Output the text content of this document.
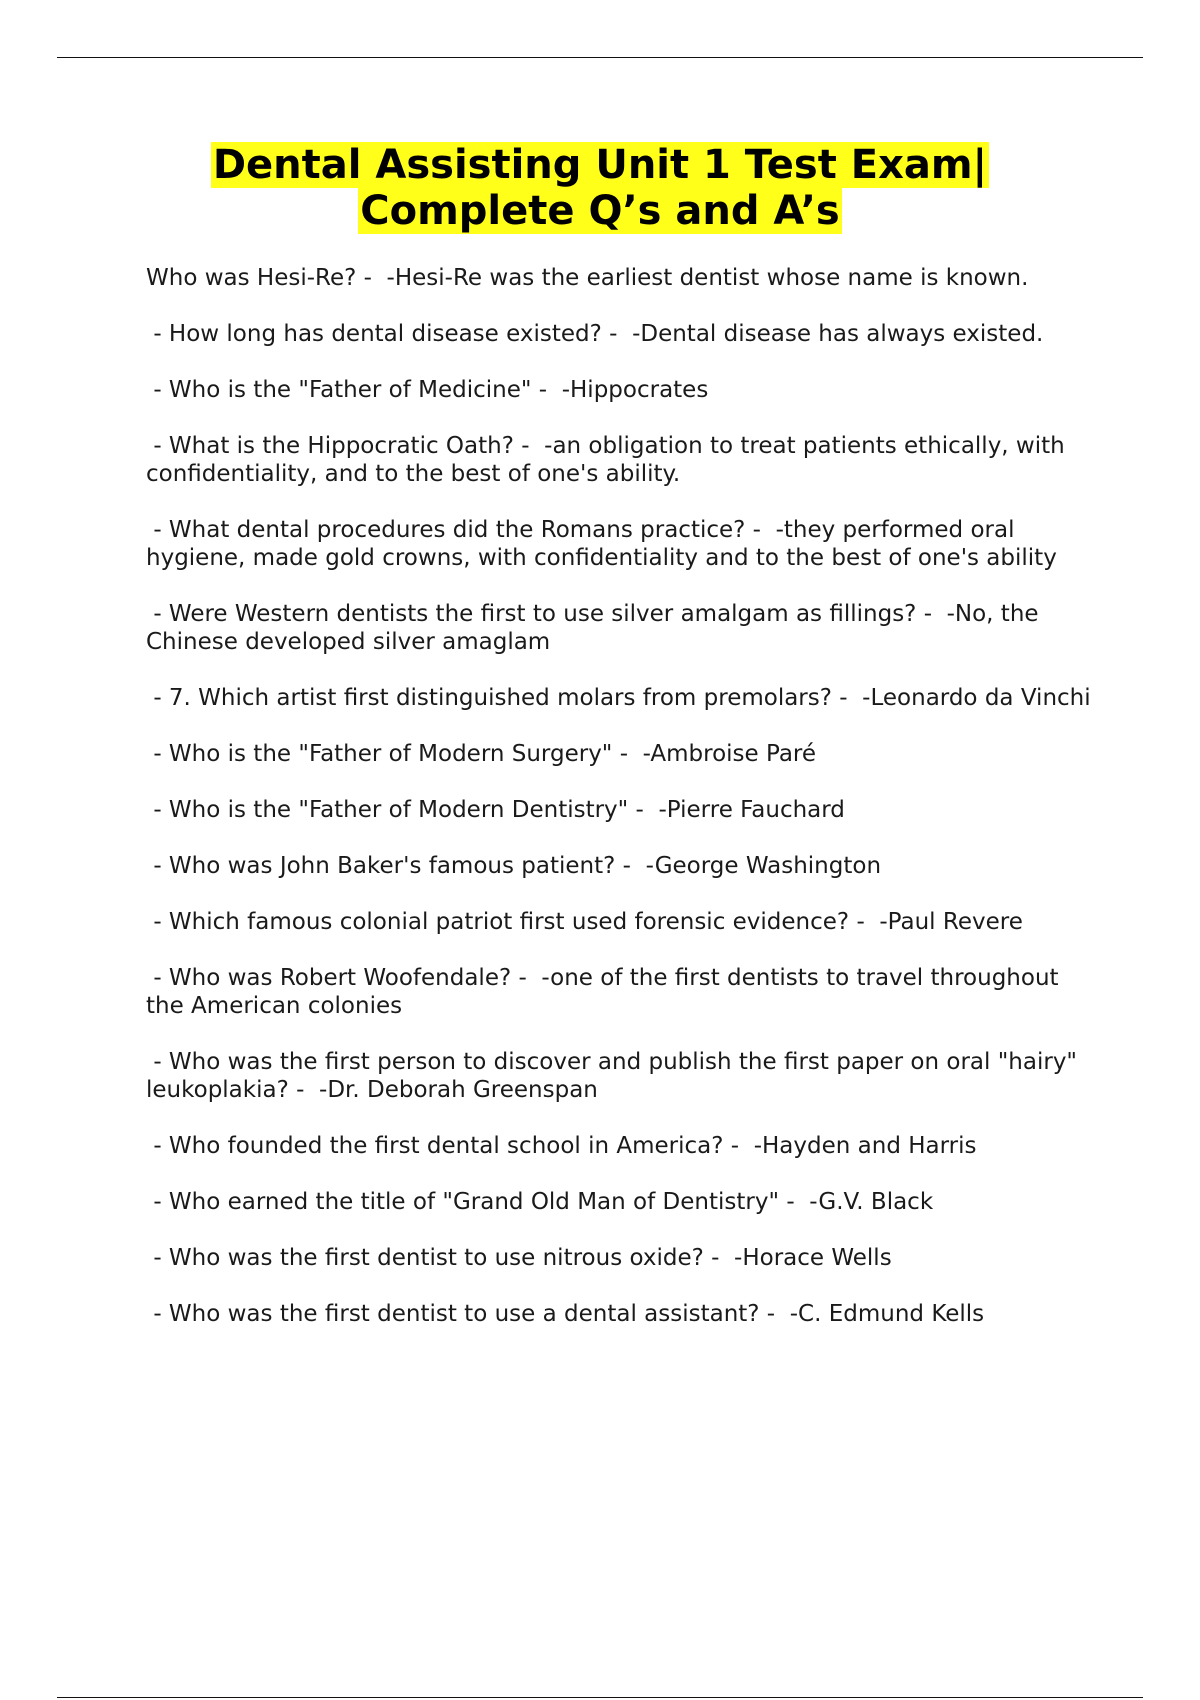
Dental Assisting Unit 1 Test Exam|
Complete Q’s and A’s
Who was Hesi-Re? -  -Hesi-Re was the earliest dentist whose name is known.
- How long has dental disease existed? -  -Dental disease has always existed.
- Who is the "Father of Medicine" -  -Hippocrates
- What is the Hippocratic Oath? -  -an obligation to treat patients ethically, with confidentiality, and to the best of one's ability.
- What dental procedures did the Romans practice? -  -they performed oral hygiene, made gold crowns, with confidentiality and to the best of one's ability
- Were Western dentists the first to use silver amalgam as fillings? -  -No, the Chinese developed silver amaglam
- 7. Which artist first distinguished molars from premolars? -  -Leonardo da Vinchi
- Who is the "Father of Modern Surgery" -  -Ambroise Paré
- Who is the "Father of Modern Dentistry" -  -Pierre Fauchard
- Who was John Baker's famous patient? -  -George Washington
- Which famous colonial patriot first used forensic evidence? -  -Paul Revere
- Who was Robert Woofendale? -  -one of the first dentists to travel throughout the American colonies
- Who was the first person to discover and publish the first paper on oral "hairy" leukoplakia? -  -Dr. Deborah Greenspan
- Who founded the first dental school in America? -  -Hayden and Harris
- Who earned the title of "Grand Old Man of Dentistry" -  -G.V. Black
- Who was the first dentist to use nitrous oxide? -  -Horace Wells
- Who was the first dentist to use a dental assistant? -  -C. Edmund Kells
